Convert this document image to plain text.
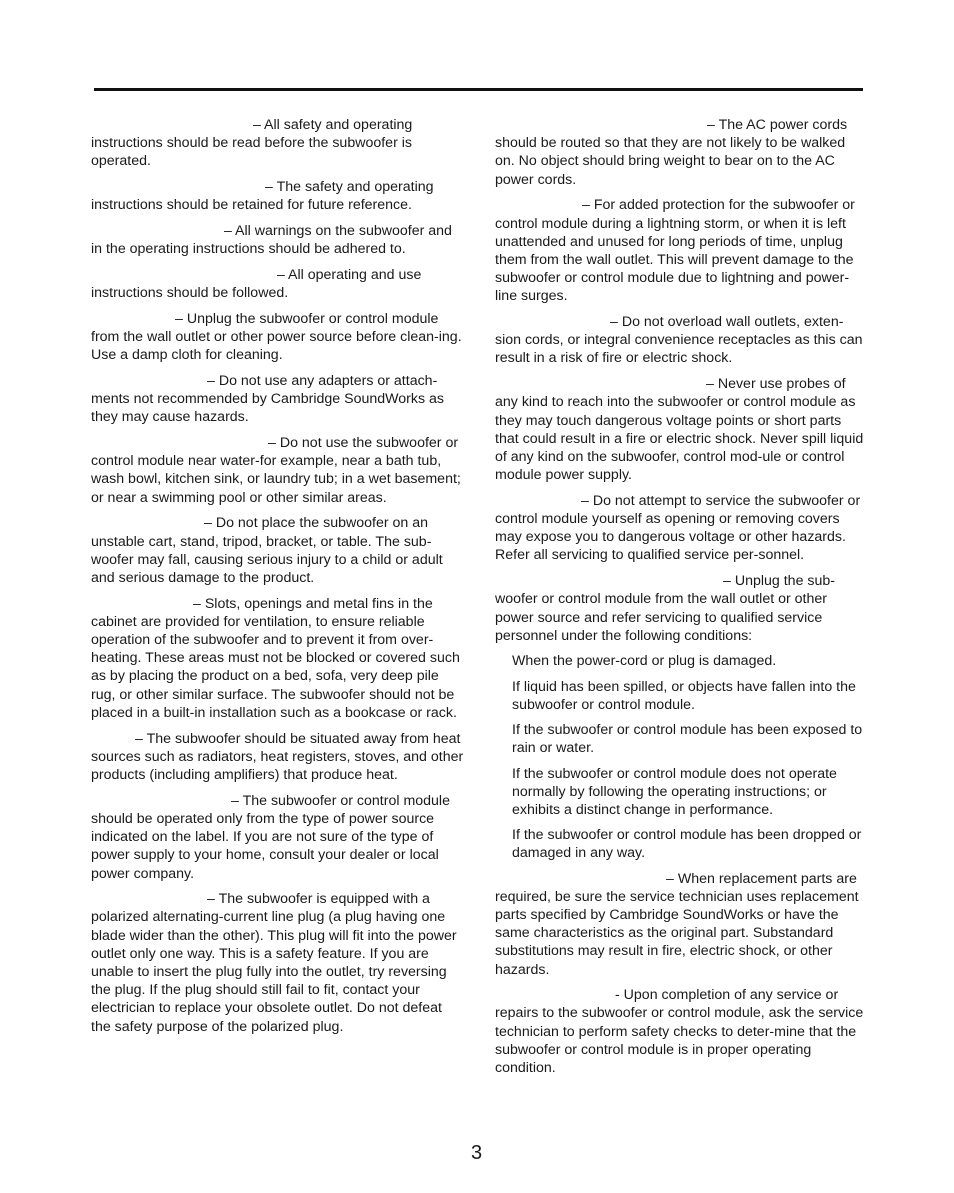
– All safety and operating instructions should be read before the subwoofer is operated.

– The safety and operating instructions should be retained for future reference.

– All warnings on the subwoofer and in the operating instructions should be adhered to.

– All operating and use instructions should be followed.

– Unplug the subwoofer or control module from the wall outlet or other power source before clean-ing. Use a damp cloth for cleaning.

– Do not use any adapters or attach-ments not recommended by Cambridge SoundWorks as they may cause hazards.

– Do not use the subwoofer or control module near water-for example, near a bath tub, wash bowl, kitchen sink, or laundry tub; in a wet basement; or near a swimming pool or other similar areas.

– Do not place the subwoofer on an unstable cart, stand, tripod, bracket, or table. The sub-woofer may fall, causing serious injury to a child or adult and serious damage to the product.

– Slots, openings and metal fins in the cabinet are provided for ventilation, to ensure reliable operation of the subwoofer and to prevent it from over-heating. These areas must not be blocked or covered such as by placing the product on a bed, sofa, very deep pile rug, or other similar surface. The subwoofer should not be placed in a built-in installation such as a bookcase or rack.

– The subwoofer should be situated away from heat sources such as radiators, heat registers, stoves, and other products (including amplifiers) that produce heat.

– The subwoofer or control module should be operated only from the type of power source indicated on the label. If you are not sure of the type of power supply to your home, consult your dealer or local power company.

– The subwoofer is equipped with a polarized alternating-current line plug (a plug having one blade wider than the other). This plug will fit into the power outlet only one way. This is a safety feature. If you are unable to insert the plug fully into the outlet, try reversing the plug. If the plug should still fail to fit, contact your electrician to replace your obsolete outlet. Do not defeat the safety purpose of the polarized plug.

– The AC power cords should be routed so that they are not likely to be walked on. No object should bring weight to bear on to the AC power cords.

– For added protection for the subwoofer or control module during a lightning storm, or when it is left unattended and unused for long periods of time, unplug them from the wall outlet. This will prevent damage to the subwoofer or control module due to lightning and power-line surges.

– Do not overload wall outlets, exten-sion cords, or integral convenience receptacles as this can result in a risk of fire or electric shock.

– Never use probes of any kind to reach into the subwoofer or control module as they may touch dangerous voltage points or short parts that could result in a fire or electric shock. Never spill liquid of any kind on the subwoofer, control mod-ule or control module power supply.

– Do not attempt to service the subwoofer or control module yourself as opening or removing covers may expose you to dangerous voltage or other hazards. Refer all servicing to qualified service per-sonnel.

– Unplug the sub-woofer or control module from the wall outlet or other power source and refer servicing to qualified service personnel under the following conditions:

When the power-cord or plug is damaged.

If liquid has been spilled, or objects have fallen into the subwoofer or control module.

If the subwoofer or control module has been exposed to rain or water.

If the subwoofer or control module does not operate normally by following the operating instructions; or exhibits a distinct change in performance.

If the subwoofer or control module has been dropped or damaged in any way.

– When replacement parts are required, be sure the service technician uses replacement parts specified by Cambridge SoundWorks or have the same characteristics as the original part. Substandard substitutions may result in fire, electric shock, or other hazards.

- Upon completion of any service or repairs to the subwoofer or control module, ask the service technician to perform safety checks to deter-mine that the subwoofer or control module is in proper operating condition.

3
